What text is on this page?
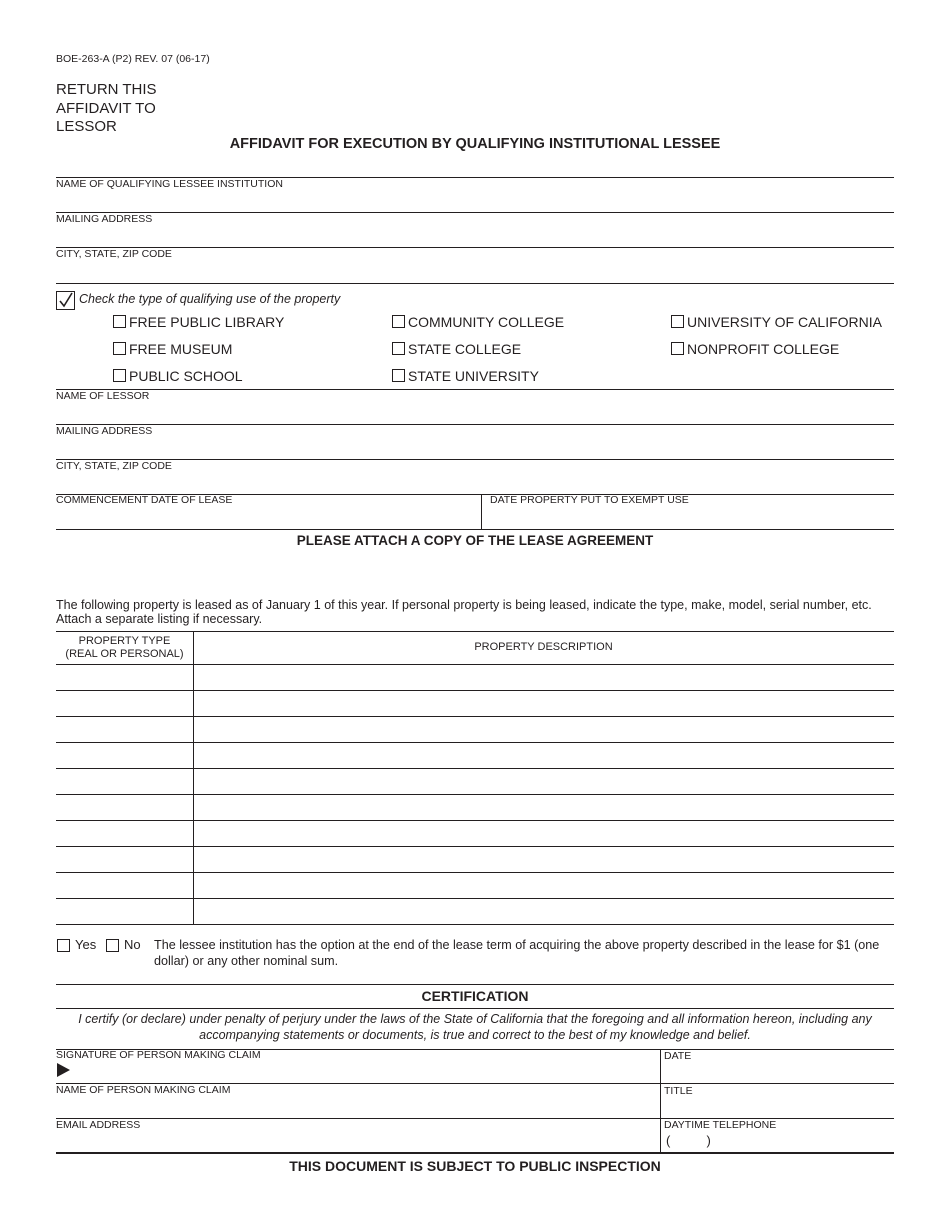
BOE-263-A (P2) REV. 07 (06-17)
RETURN THIS
AFFIDAVIT TO
LESSOR
AFFIDAVIT FOR EXECUTION BY QUALIFYING INSTITUTIONAL LESSEE
NAME OF QUALIFYING LESSEE INSTITUTION
MAILING ADDRESS
CITY, STATE, ZIP CODE
Check the type of qualifying use of the property
FREE PUBLIC LIBRARY	COMMUNITY COLLEGE	UNIVERSITY OF CALIFORNIA
FREE MUSEUM	STATE COLLEGE	NONPROFIT COLLEGE
PUBLIC SCHOOL	STATE UNIVERSITY
NAME OF LESSOR
MAILING ADDRESS
CITY, STATE, ZIP CODE
COMMENCEMENT DATE OF LEASE	DATE PROPERTY PUT TO EXEMPT USE
PLEASE ATTACH A COPY OF THE LEASE AGREEMENT
The following property is leased as of January 1 of this year. If personal property is being leased, indicate the type, make, model, serial number, etc. Attach a separate listing if necessary.
PROPERTY TYPE
(REAL OR PERSONAL)
PROPERTY DESCRIPTION
Yes No The lessee institution has the option at the end of the lease term of acquiring the above property described in the lease for $1 (one dollar) or any other nominal sum.
CERTIFICATION
I certify (or declare) under penalty of perjury under the laws of the State of California that the foregoing and all information hereon, including any accompanying statements or documents, is true and correct to the best of my knowledge and belief.
SIGNATURE OF PERSON MAKING CLAIM	DATE
NAME OF PERSON MAKING CLAIM	TITLE
EMAIL ADDRESS	DAYTIME TELEPHONE
(          )
THIS DOCUMENT IS SUBJECT TO PUBLIC INSPECTION
